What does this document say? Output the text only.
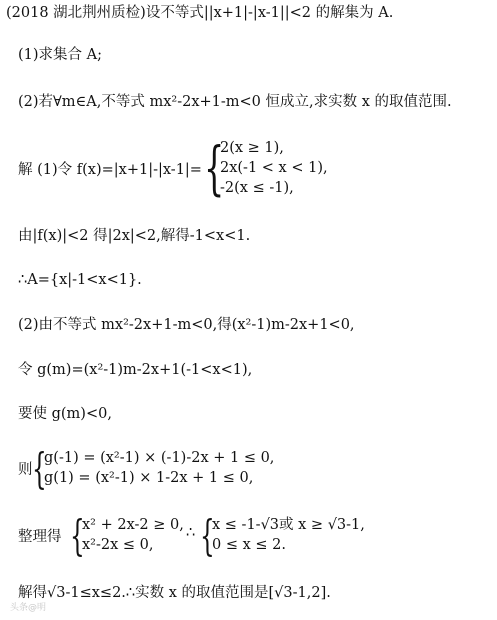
(2018 湖北荆州质检)设不等式||x+1|-|x-1||<2 的解集为 A.
(1)求集合 A;
(2)若∀m∈A,不等式 mx²-2x+1-m<0 恒成立,求实数 x 的取值范围.
解 (1)令 f(x)=|x+1|-|x-1|= {
2(x ≥ 1),
2x(-1 < x < 1),
-2(x ≤ -1),
由|f(x)|<2 得|2x|<2,解得-1<x<1.
∴A={x|-1<x<1}.
(2)由不等式 mx²-2x+1-m<0,得(x²-1)m-2x+1<0,
令 g(m)=(x²-1)m-2x+1(-1<x<1),
要使 g(m)<0,
则 {
g(-1) = (x²-1) × (-1)-2x + 1 ≤ 0,
g(1) = (x²-1) × 1-2x + 1 ≤ 0,
整理得 {
x² + 2x-2 ≥ 0,
x²-2x ≤ 0,
∴ {
x ≤ -1-√3或 x ≥ √3-1,
0 ≤ x ≤ 2.
解得√3-1≤x≤2.∴实数 x 的取值范围是[√3-1,2].
头条@明
